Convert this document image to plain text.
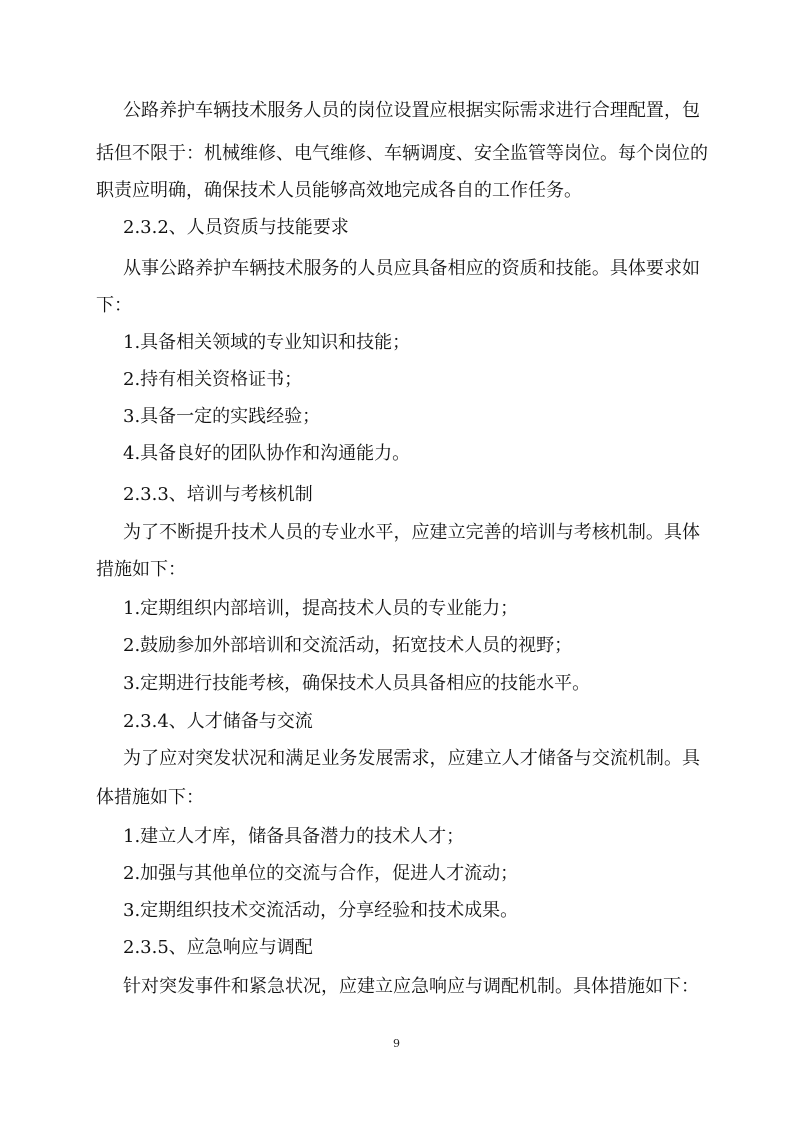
公路养护车辆技术服务人员的岗位设置应根据实际需求进行合理配置，包
括但不限于：机械维修、电气维修、车辆调度、安全监管等岗位。每个岗位的
职责应明确，确保技术人员能够高效地完成各自的工作任务。
2.3.2、人员资质与技能要求
从事公路养护车辆技术服务的人员应具备相应的资质和技能。具体要求如
下：
1.具备相关领域的专业知识和技能；
2.持有相关资格证书；
3.具备一定的实践经验；
4.具备良好的团队协作和沟通能力。
2.3.3、培训与考核机制
为了不断提升技术人员的专业水平，应建立完善的培训与考核机制。具体
措施如下：
1.定期组织内部培训，提高技术人员的专业能力；
2.鼓励参加外部培训和交流活动，拓宽技术人员的视野；
3.定期进行技能考核，确保技术人员具备相应的技能水平。
2.3.4、人才储备与交流
为了应对突发状况和满足业务发展需求，应建立人才储备与交流机制。具
体措施如下：
1.建立人才库，储备具备潜力的技术人才；
2.加强与其他单位的交流与合作，促进人才流动；
3.定期组织技术交流活动，分享经验和技术成果。
2.3.5、应急响应与调配
针对突发事件和紧急状况，应建立应急响应与调配机制。具体措施如下：
9
